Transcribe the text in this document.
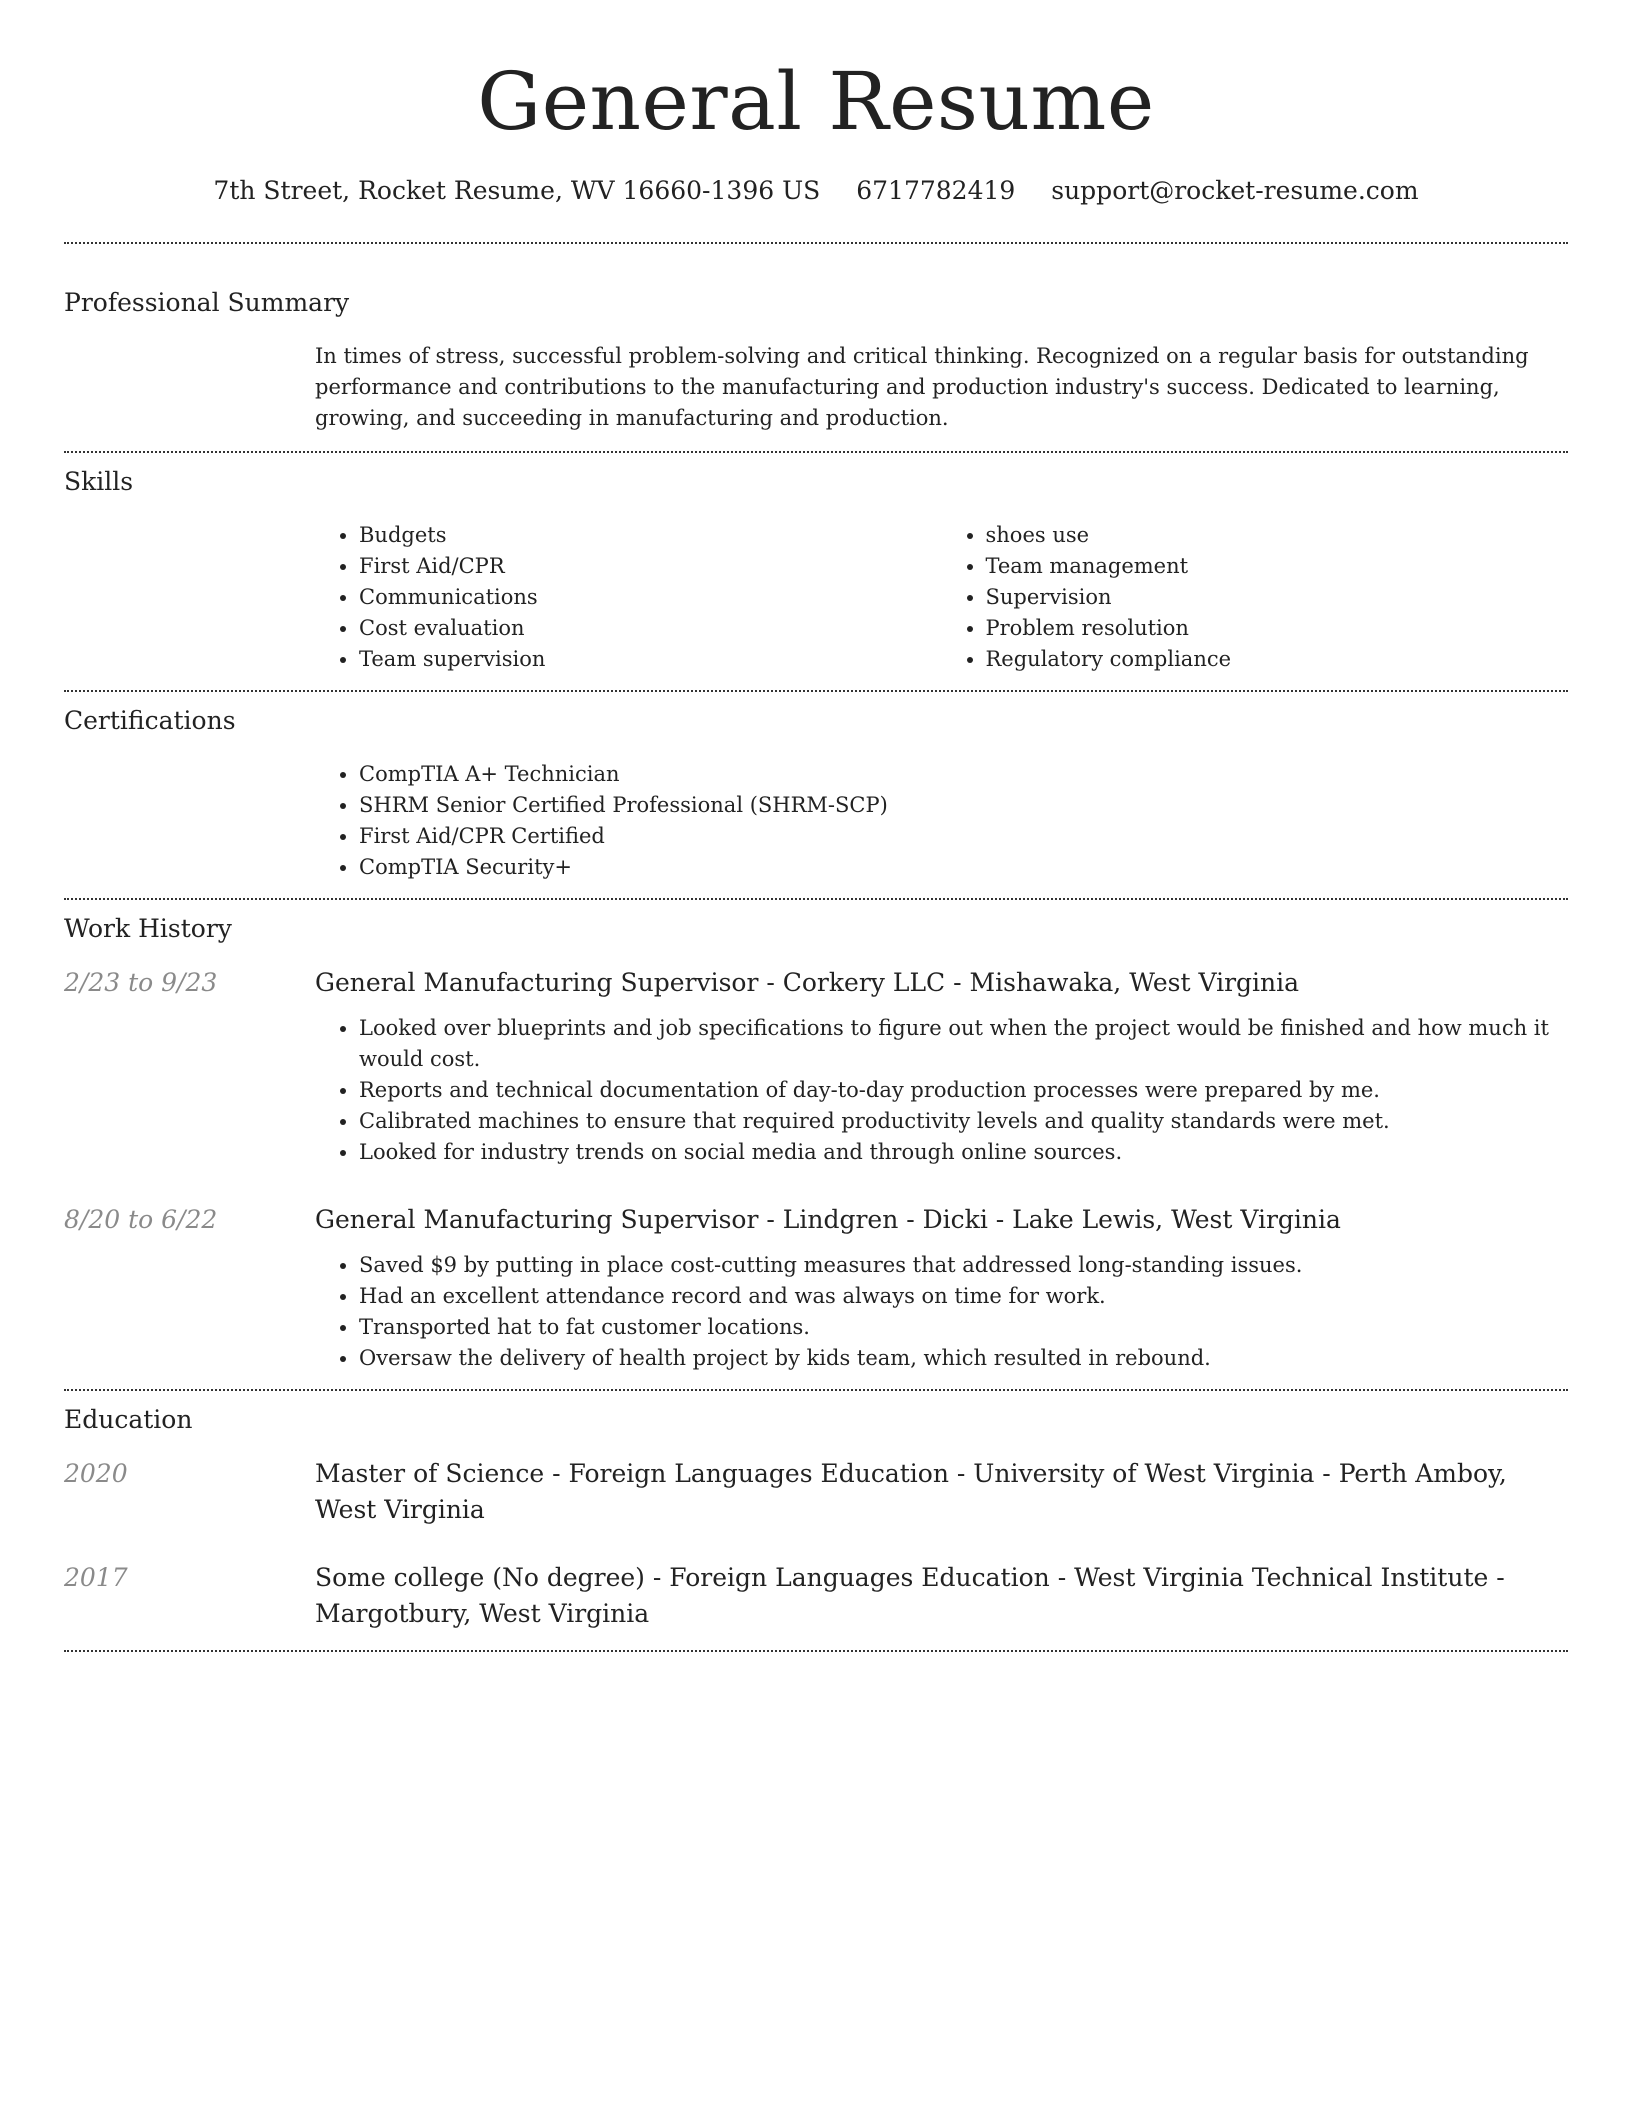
General Resume
7th Street, Rocket Resume, WV 16660-1396 US 6717782419 support@rocket-resume.com
Professional Summary

In times of stress, successful problem-solving and critical thinking. Recognized on a regular basis for outstanding performance and contributions to the manufacturing and production industry's success. Dedicated to learning, growing, and succeeding in manufacturing and production.

Skills
• Budgets
• First Aid/CPR
• Communications
• Cost evaluation
• Team supervision
• shoes use
• Team management
• Supervision
• Problem resolution
• Regulatory compliance
Certifications
• CompTIA A+ Technician
• SHRM Senior Certified Professional (SHRM-SCP)
• First Aid/CPR Certified
• CompTIA Security+
Work History
2/23 to 9/23	General Manufacturing Supervisor - Corkery LLC - Mishawaka, West Virginia

• Looked over blueprints and job specifications to figure out when the project would be finished and how much it would cost.
• Reports and technical documentation of day-to-day production processes were prepared by me.
• Calibrated machines to ensure that required productivity levels and quality standards were met.
• Looked for industry trends on social media and through online sources.
8/20 to 6/22	General Manufacturing Supervisor - Lindgren - Dicki - Lake Lewis, West Virginia

• Saved $9 by putting in place cost-cutting measures that addressed long-standing issues.
• Had an excellent attendance record and was always on time for work.
• Transported hat to fat customer locations.
• Oversaw the delivery of health project by kids team, which resulted in rebound.
Education
2020	Master of Science - Foreign Languages Education - University of West Virginia - Perth Amboy, West Virginia

2017	Some college (No degree) - Foreign Languages Education - West Virginia Technical Institute - Margotbury, West Virginia
